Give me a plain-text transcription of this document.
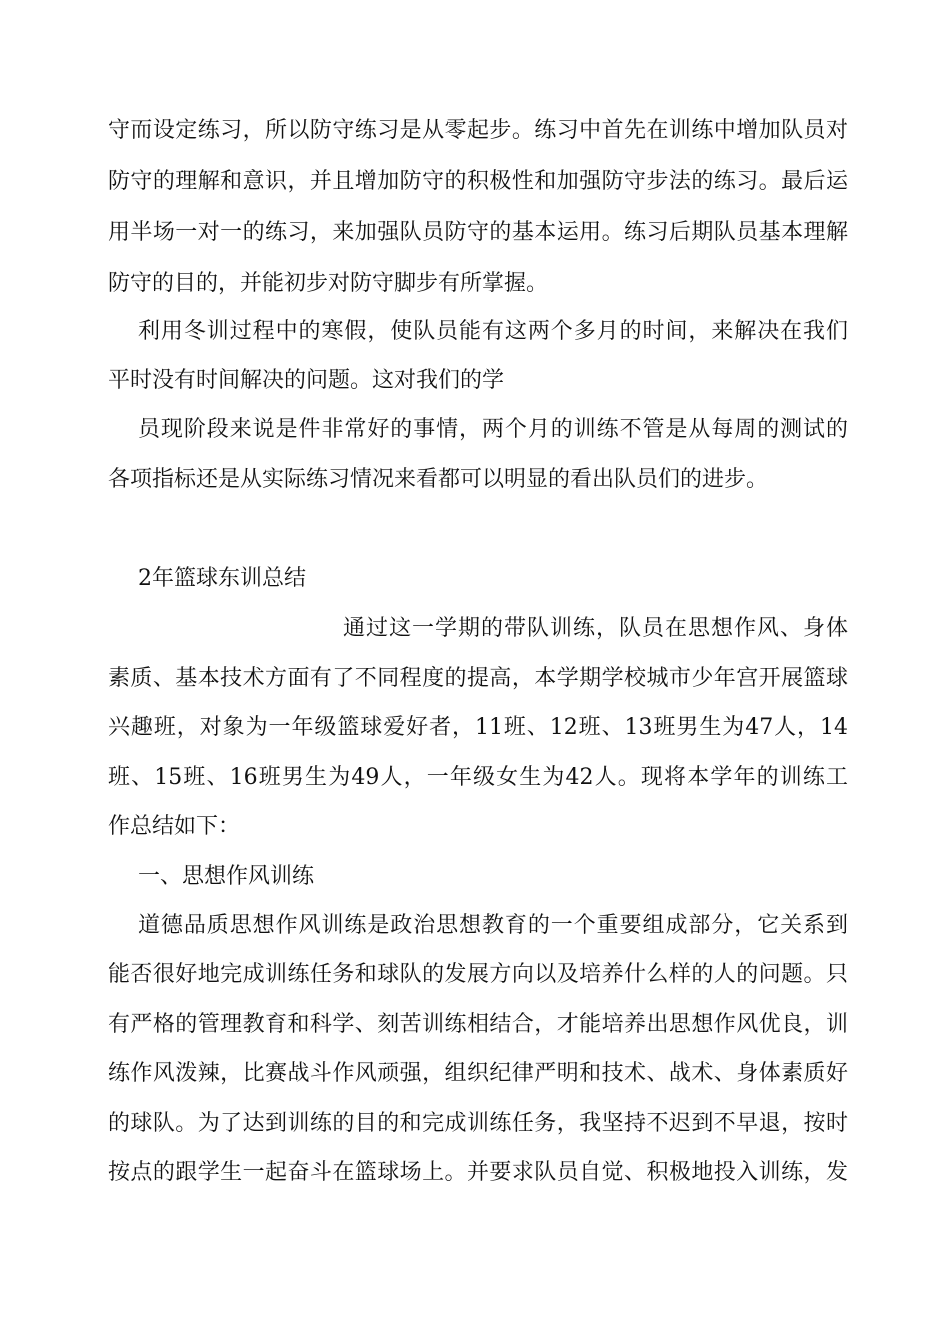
守而设定练习，所以防守练习是从零起步。练习中首先在训练中增加队员对
防守的理解和意识，并且增加防守的积极性和加强防守步法的练习。最后运
用半场一对一的练习，来加强队员防守的基本运用。练习后期队员基本理解
防守的目的，并能初步对防守脚步有所掌握。
利用冬训过程中的寒假，使队员能有这两个多月的时间，来解决在我们
平时没有时间解决的问题。这对我们的学
员现阶段来说是件非常好的事情，两个月的训练不管是从每周的测试的
各项指标还是从实际练习情况来看都可以明显的看出队员们的进步。
2年篮球东训总结
通过这一学期的带队训练，队员在思想作风、身体
素质、基本技术方面有了不同程度的提高，本学期学校城市少年宫开展篮球
兴趣班，对象为一年级篮球爱好者，11班、12班、13班男生为47人，14
班、15班、16班男生为49人，一年级女生为42人。现将本学年的训练工
作总结如下：
一、思想作风训练
道德品质思想作风训练是政治思想教育的一个重要组成部分，它关系到
能否很好地完成训练任务和球队的发展方向以及培养什么样的人的问题。只
有严格的管理教育和科学、刻苦训练相结合，才能培养出思想作风优良，训
练作风泼辣，比赛战斗作风顽强，组织纪律严明和技术、战术、身体素质好
的球队。为了达到训练的目的和完成训练任务，我坚持不迟到不早退，按时
按点的跟学生一起奋斗在篮球场上。并要求队员自觉、积极地投入训练，发
